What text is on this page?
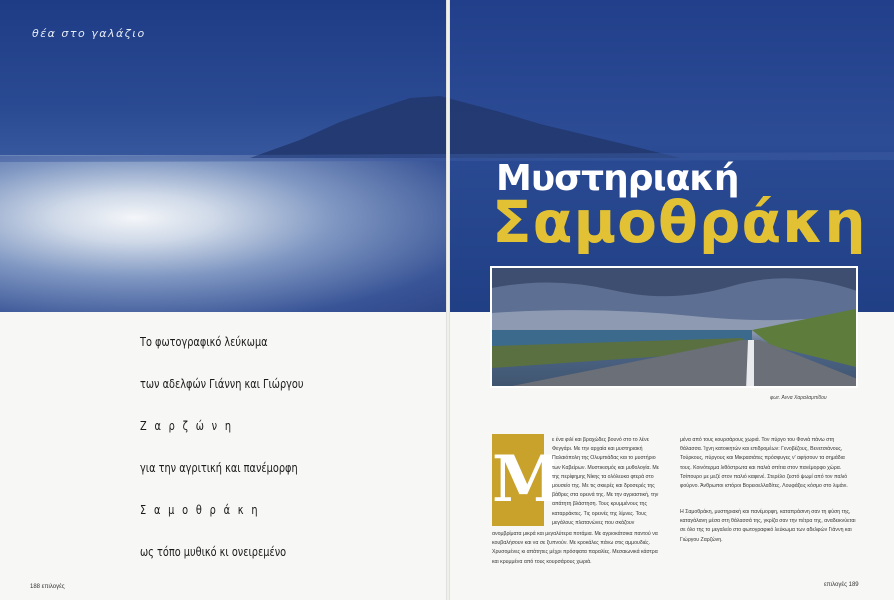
θέα στο γαλάζιο
Μυστηριακή
Σαμοθράκη
φωτ. Άννα Χαραλαμπίδου
Το φωτογραφικό λεύκωμα
των αδελφών Γιάννη και Γιώργου
Ζ α ρ ζ ώ ν η
για την αγριτική και πανέμορφη
Σ α μ ο θ ρ ά κ η
ως τόπο μυθικό κι ονειρεμένο
Μ
ε ένα φιλί και βραχώδες βουνό στο το λένε Φεγγάρι. Με την αρχαία και μυστηριακή Παλαιόπολη της Ολυμπιάδας και το μυστήριο των Καβείρων. Μυστικισμός και μυθολογία. Με της περίφημης Νίκης τα ολόλευκα φτερά στο μουσείο της. Με τις σκιερές και δροσερές της βάθρες στα ορεινά της. Με την αγριαστική, την απάτητη βλάστηση. Τους κρυμμένους της καταρράκτες. Τις ορεινές της λίμνες. Τους μεγάλους πλατανώνες που σκάζουν
ανομβρίματα μικρά και μεγαλύτερα ποτάμια. Με αγριοκάτσικα παντού να κουβαλήσουν και να σε ξυπνούν. Με κροκάλες πάνω στις αμμουδιές. Χρυσομένες κι απάτητες μέχρι πρόσφατα παραλίες. Μεσαιωνικά κάστρα και κρυμμένα από τους κουρσάρους χωριά.
μένα από τους κουρσάρους χωριά. Τον πύργο του Φονιά πάνω στη θάλασσα. Ίχνη κατοικητών και επιδρομέων: Γενοβέζους, Βενετσιάνους, Τούρκους, πύργους και Μικρασιάτες πρόσφυγες ν' αφήσουν τα σημάδια τους. Κοινότερμα λιθόστρωτα και παλιά σπίτια στον πανέμορφο χώρα. Τσίπουρο με μεζέ στον παλιό καφενέ. Στερέλο ζεστό ψωμί από τον παλιό φούρνο. Άνθρωποι ιστόροι Βορειοελλαδίτες. Λουφάξεις κόσμο στο λιμάνι.
Η Σαμοθράκη, μυστηριακή και πανέμορφη, καταπράσινη σαν τη φύση της, καταγάλανη μέσα στη θάλασσά της, γκρίζα σαν την πέτρα της, αναδεικνύεται σε όλο της το μεγαλείο στο φωτογραφικό λεύκωμα των αδελφών Γιάννη και Γιώργου Ζαρζώνη.
188 επιλογές	επιλογές 189
